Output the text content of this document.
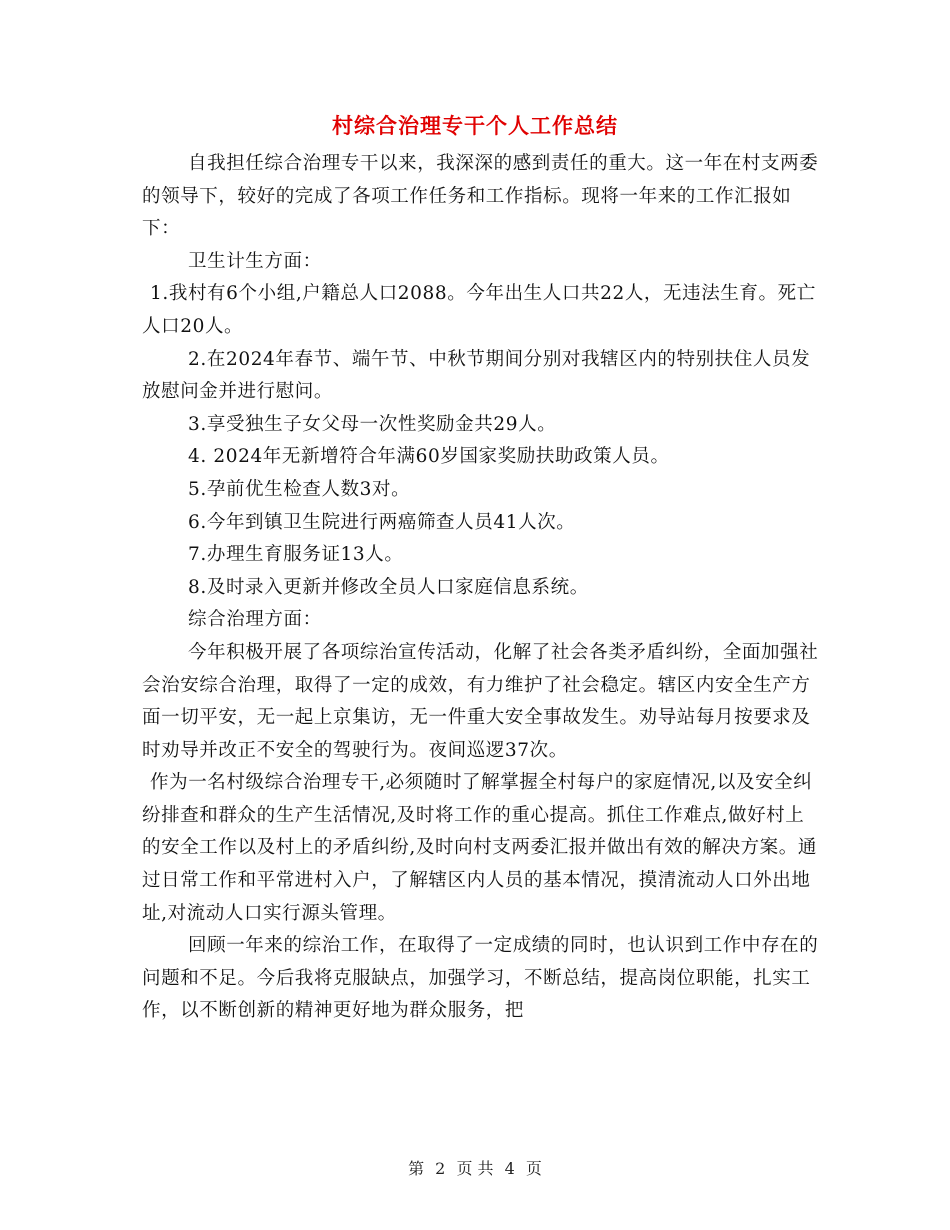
村综合治理专干个人工作总结

自我担任综合治理专干以来，我深深的感到责任的重大。这一年在村支两委的领导下，较好的完成了各项工作任务和工作指标。现将一年来的工作汇报如下：

卫生计生方面：

1.我村有6个小组,户籍总人口2088。今年出生人口共22人，无违法生育。死亡人口20人。

2.在2024年春节、端午节、中秋节期间分别对我辖区内的特别扶住人员发放慰问金并进行慰问。

3.享受独生子女父母一次性奖励金共29人。

4. 2024年无新增符合年满60岁国家奖励扶助政策人员。

5.孕前优生检查人数3对。

6.今年到镇卫生院进行两癌筛查人员41人次。

7.办理生育服务证13人。

8.及时录入更新并修改全员人口家庭信息系统。

综合治理方面：

今年积极开展了各项综治宣传活动，化解了社会各类矛盾纠纷，全面加强社会治安综合治理，取得了一定的成效，有力维护了社会稳定。辖区内安全生产方面一切平安，无一起上京集访，无一件重大安全事故发生。劝导站每月按要求及时劝导并改正不安全的驾驶行为。夜间巡逻37次。

作为一名村级综合治理专干,必须随时了解掌握全村每户的家庭情况,以及安全纠纷排查和群众的生产生活情况,及时将工作的重心提高。抓住工作难点,做好村上的安全工作以及村上的矛盾纠纷,及时向村支两委汇报并做出有效的解决方案。通过日常工作和平常进村入户，了解辖区内人员的基本情况，摸清流动人口外出地址,对流动人口实行源头管理。

回顾一年来的综治工作，在取得了一定成绩的同时，也认识到工作中存在的问题和不足。今后我将克服缺点，加强学习，不断总结，提高岗位职能，扎实工作，以不断创新的精神更好地为群众服务，把

第 2 页 共 4 页
